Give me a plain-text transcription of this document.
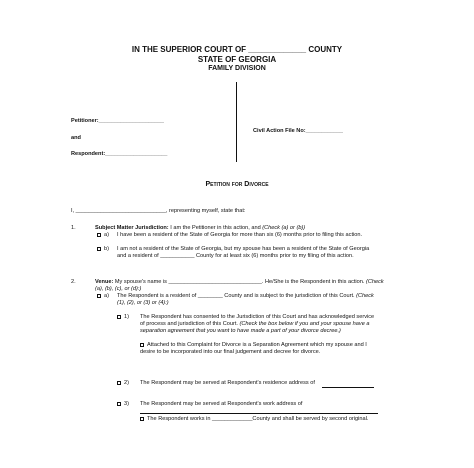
IN THE SUPERIOR COURT OF _____________ COUNTY
STATE OF GEORGIA
FAMILY DIVISION
Petitioner:_____________________
and
Respondent:____________________
Civil Action File No:____________
Petition for Divorce
I, _____________________________, representing myself, state that:
1.	Subject Matter Jurisdiction: I am the Petitioner in this action, and (Check (a) or (b))
a) I have been a resident of the State of Georgia for more than six (6) months prior to filing this action.
b) I am not a resident of the State of Georgia, but my spouse has been a resident of the State of Georgia and a resident of ___________ County for at least six (6) months prior to my filing of this action.
2.	Venue: My spouse's name is ______________________________. He/She is the Respondent in this action. (Check (a), (b), (c), or (d):)
a) The Respondent is a resident of ________ County and is subject to the jurisdiction of this Court. (Check (1), (2), or (3) or (4):)
1) The Respondent has consented to the Jurisdiction of this Court and has acknowledged service of process and jurisdiction of this Court. (Check the box below if you and your spouse have a separation agreement that you want to have made a part of your divorce decree.)
Attached to this Complaint for Divorce is a Separation Agreement which my spouse and I desire to be incorporated into our final judgement and decree for divorce.
2) The Respondent may be served at Respondent's residence address of
3) The Respondent may be served at Respondent's work address of
The Respondent works in _____________County and shall be served by second original.
